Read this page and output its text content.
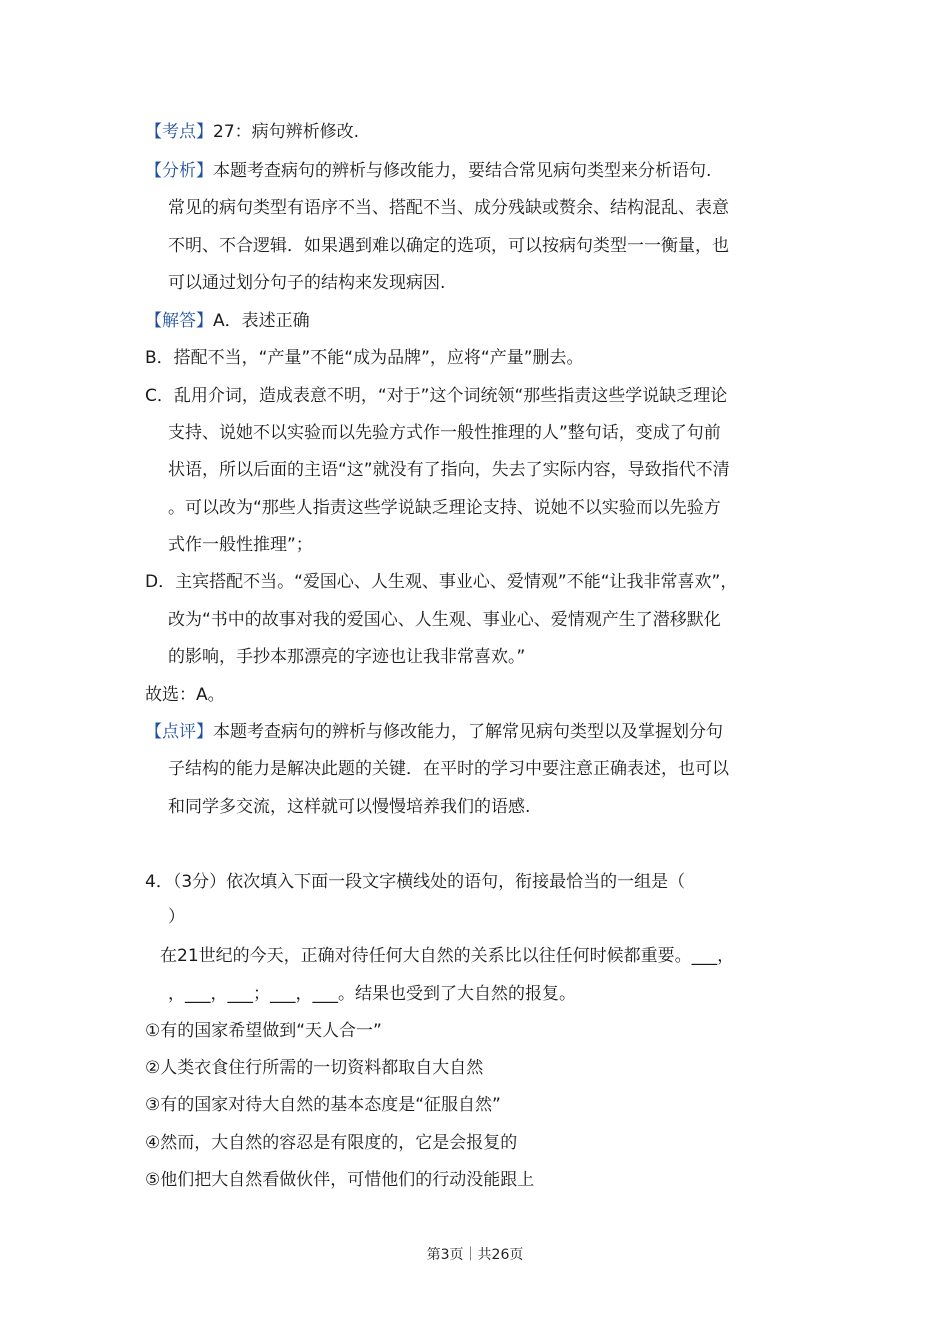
【考点】27：病句辨析修改.
【分析】本题考查病句的辨析与修改能力，要结合常见病句类型来分析语句.
常见的病句类型有语序不当、搭配不当、成分残缺或赘余、结构混乱、表意
不明、不合逻辑．如果遇到难以确定的选项，可以按病句类型一一衡量，也
可以通过划分句子的结构来发现病因.
【解答】A．表述正确
B．搭配不当，“产量”不能“成为品牌”，应将“产量”删去。
C．乱用介词，造成表意不明，“对于”这个词统领“那些指责这些学说缺乏理论
支持、说她不以实验而以先验方式作一般性推理的人”整句话，变成了句前
状语，所以后面的主语“这”就没有了指向，失去了实际内容，导致指代不清
。可以改为“那些人指责这些学说缺乏理论支持、说她不以实验而以先验方
式作一般性推理”；
D．主宾搭配不当。“爱国心、人生观、事业心、爱情观”不能“让我非常喜欢”，
改为“书中的故事对我的爱国心、人生观、事业心、爱情观产生了潜移默化
的影响，手抄本那漂亮的字迹也让我非常喜欢。”
故选：A。
【点评】本题考查病句的辨析与修改能力，了解常见病句类型以及掌握划分句
子结构的能力是解决此题的关键．在平时的学习中要注意正确表述，也可以
和同学多交流，这样就可以慢慢培养我们的语感.
4．（3分）依次填入下面一段文字横线处的语句，衔接最恰当的一组是（
）
在21世纪的今天，正确对待任何大自然的关系比以往任何时候都重要。___，
，___，___；___，___。结果也受到了大自然的报复。
①有的国家希望做到“天人合一”
②人类衣食住行所需的一切资料都取自大自然
③有的国家对待大自然的基本态度是“征服自然”
④然而，大自然的容忍是有限度的，它是会报复的
⑤他们把大自然看做伙伴，可惜他们的行动没能跟上
第3页｜共26页
